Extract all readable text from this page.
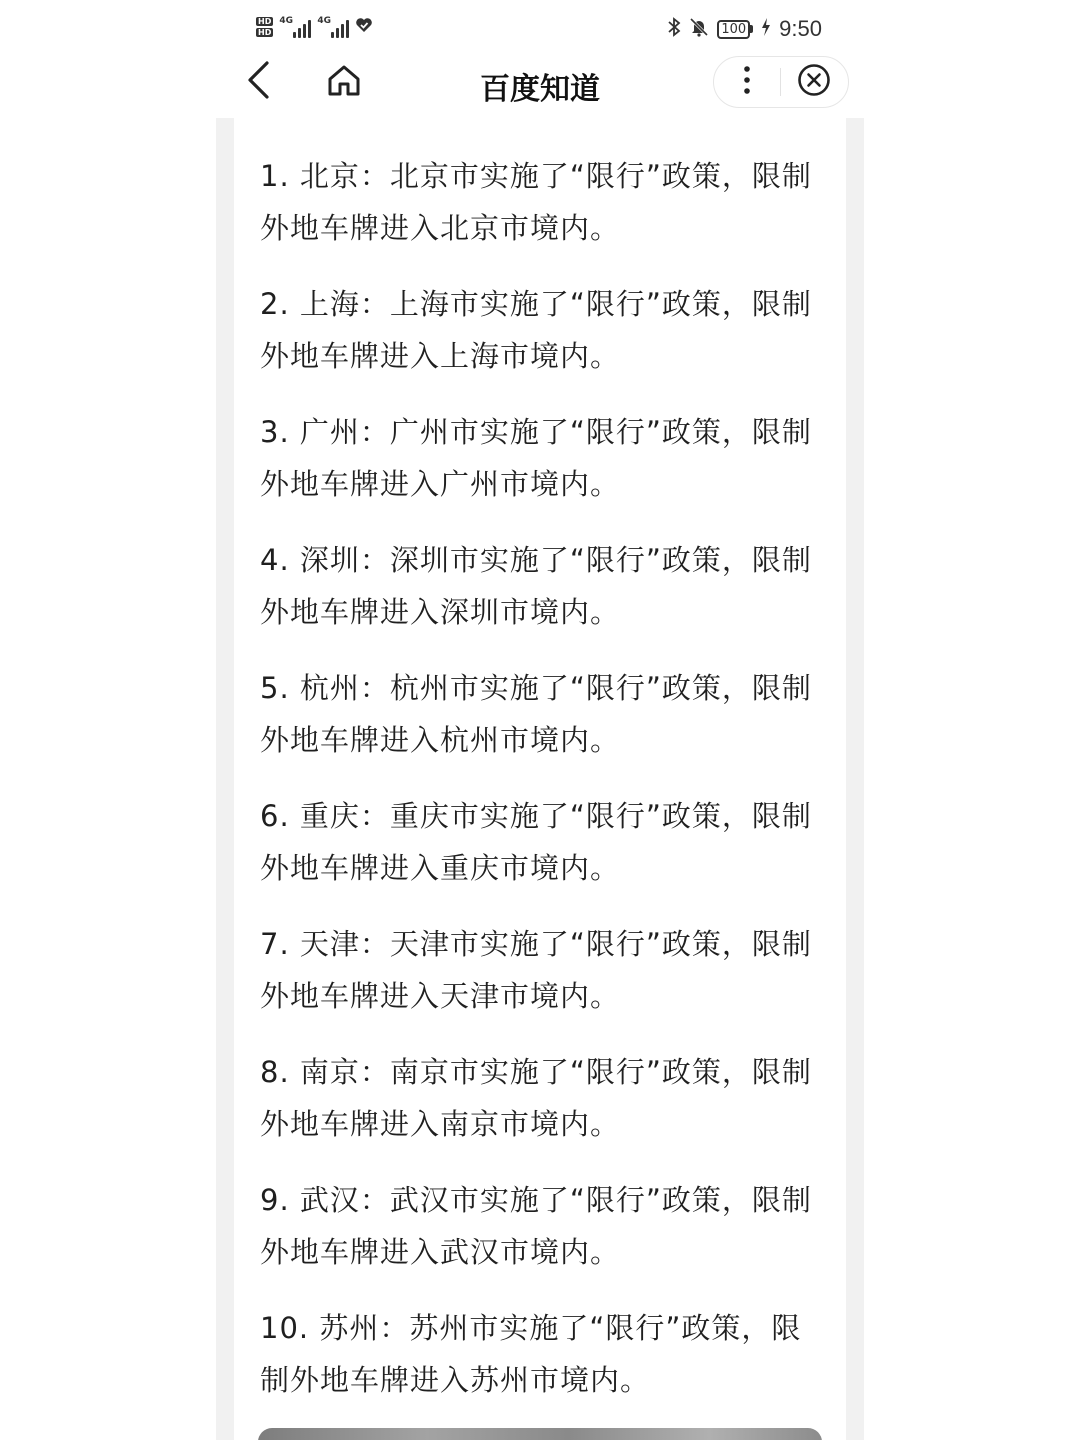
HD
HD
4G	4G
100 9:50
百度知道
1. 北京：北京市实施了“限行”政策，限制外地车牌进入北京市境内。
2. 上海：上海市实施了“限行”政策，限制外地车牌进入上海市境内。
3. 广州：广州市实施了“限行”政策，限制外地车牌进入广州市境内。
4. 深圳：深圳市实施了“限行”政策，限制外地车牌进入深圳市境内。
5. 杭州：杭州市实施了“限行”政策，限制外地车牌进入杭州市境内。
6. 重庆：重庆市实施了“限行”政策，限制外地车牌进入重庆市境内。
7. 天津：天津市实施了“限行”政策，限制外地车牌进入天津市境内。
8. 南京：南京市实施了“限行”政策，限制外地车牌进入南京市境内。
9. 武汉：武汉市实施了“限行”政策，限制外地车牌进入武汉市境内。
10. 苏州：苏州市实施了“限行”政策，限制外地车牌进入苏州市境内。
